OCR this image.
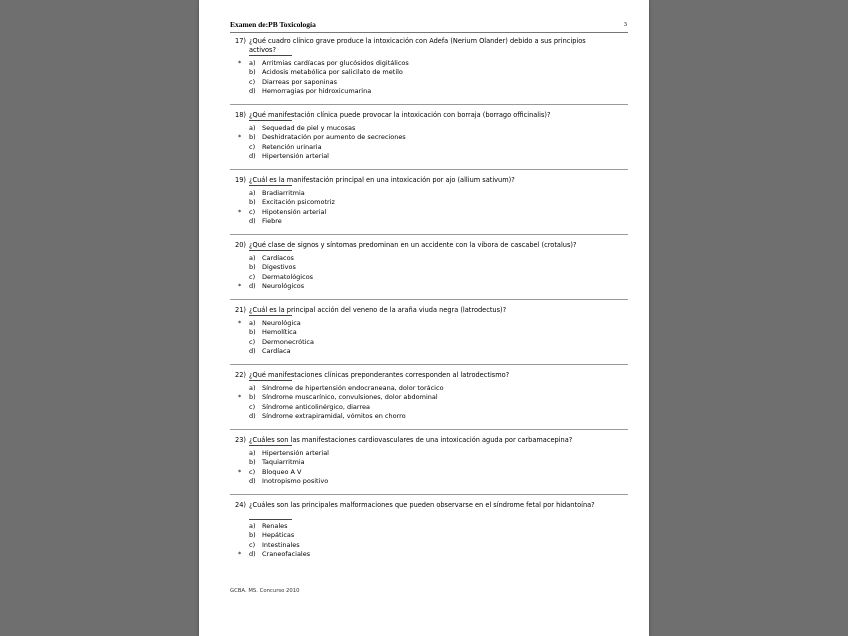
Examen de:PB Toxicología	3
17) ¿Qué cuadro clínico grave produce la intoxicación con Adefa (Nerium Olander) debido a sus principios activos?
* a) Arritmias cardíacas por glucósidos digitálicos
b) Acidosis metabólica por salicilato de metilo
c) Diarreas por saponinas
d) Hemorragias por hidroxicumarina
18) ¿Qué manifestación clínica puede provocar la intoxicación con borraja (borrago officinalis)?
a) Sequedad de piel y mucosas
* b) Deshidratación por aumento de secreciones
c) Retención urinaria
d) Hipertensión arterial
19) ¿Cuál es la manifestación principal en una intoxicación por ajo (allium sativum)?
a) Bradiarritmia
b) Excitación psicomotriz
* c) Hipotensión arterial
d) Fiebre
20) ¿Qué clase de signos y síntomas predominan en un accidente con la víbora de cascabel (crotalus)?
a) Cardíacos
b) Digestivos
c) Dermatológicos
* d) Neurológicos
21) ¿Cuál es la principal acción del veneno de la araña viuda negra (latrodectus)?
* a) Neurológica
b) Hemolítica
c) Dermonecrótica
d) Cardíaca
22) ¿Qué manifestaciones clínicas preponderantes corresponden al latrodectismo?
a) Síndrome de hipertensión endocraneana, dolor torácico
* b) Síndrome muscarínico, convulsiones, dolor abdominal
c) Síndrome anticolinérgico, diarrea
d) Síndrome extrapiramidal, vómitos en chorro
23) ¿Cuáles son las manifestaciones cardiovasculares de una intoxicación aguda por carbamacepina?
a) Hipertensión arterial
b) Taquiarritmia
* c) Bloqueo A V
d) Inotropismo positivo
24) ¿Cuáles son las principales malformaciones que pueden observarse en el síndrome fetal por hidantoína?
a) Renales
b) Hepáticas
c) Intestinales
* d) Craneofaciales
GCBA. MS. Concurso 2010
